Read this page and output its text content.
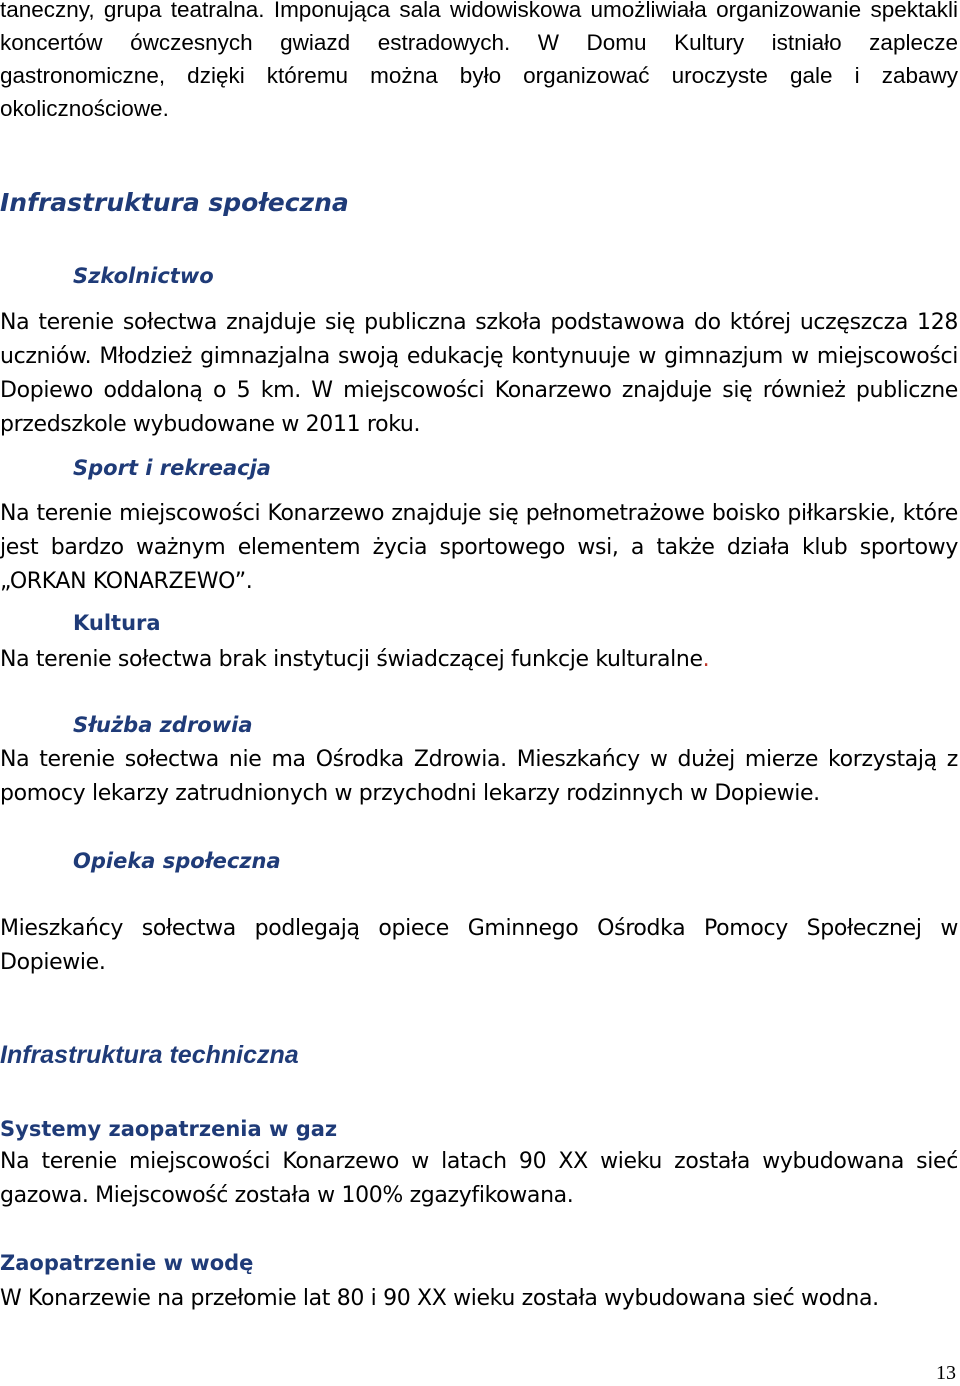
taneczny, grupa teatralna. Imponująca sala widowiskowa umożliwiała organizowanie spektakli koncertów ówczesnych gwiazd estradowych. W Domu Kultury istniało zaplecze gastronomiczne, dzięki któremu można było organizować uroczyste gale i zabawy okolicznościowe.

Infrastruktura społeczna
Szkolnictwo

Na terenie sołectwa znajduje się publiczna szkoła podstawowa do której uczęszcza 128 uczniów. Młodzież gimnazjalna swoją edukację kontynuuje w gimnazjum w miejscowości Dopiewo oddaloną o 5 km. W miejscowości Konarzewo znajduje się również publiczne przedszkole wybudowane w 2011 roku.

Sport i rekreacja

Na terenie miejscowości Konarzewo znajduje się pełnometrażowe boisko piłkarskie, które jest bardzo ważnym elementem życia sportowego wsi, a także działa klub sportowy „ORKAN KONARZEWO”.

Kultura

Na terenie sołectwa brak instytucji świadczącej funkcje kulturalne.

Służba zdrowia

Na terenie sołectwa nie ma Ośrodka Zdrowia. Mieszkańcy w dużej mierze korzystają z pomocy lekarzy zatrudnionych w przychodni lekarzy rodzinnych w Dopiewie.

Opieka społeczna

Mieszkańcy sołectwa podlegają opiece Gminnego Ośrodka Pomocy Społecznej w Dopiewie.

Infrastruktura techniczna
Systemy zaopatrzenia w gaz

Na terenie miejscowości Konarzewo w latach 90 XX wieku została wybudowana sieć gazowa. Miejscowość została w 100% zgazyfikowana.

Zaopatrzenie w wodę

W Konarzewie na przełomie lat 80 i 90 XX wieku została wybudowana sieć wodna.

13
